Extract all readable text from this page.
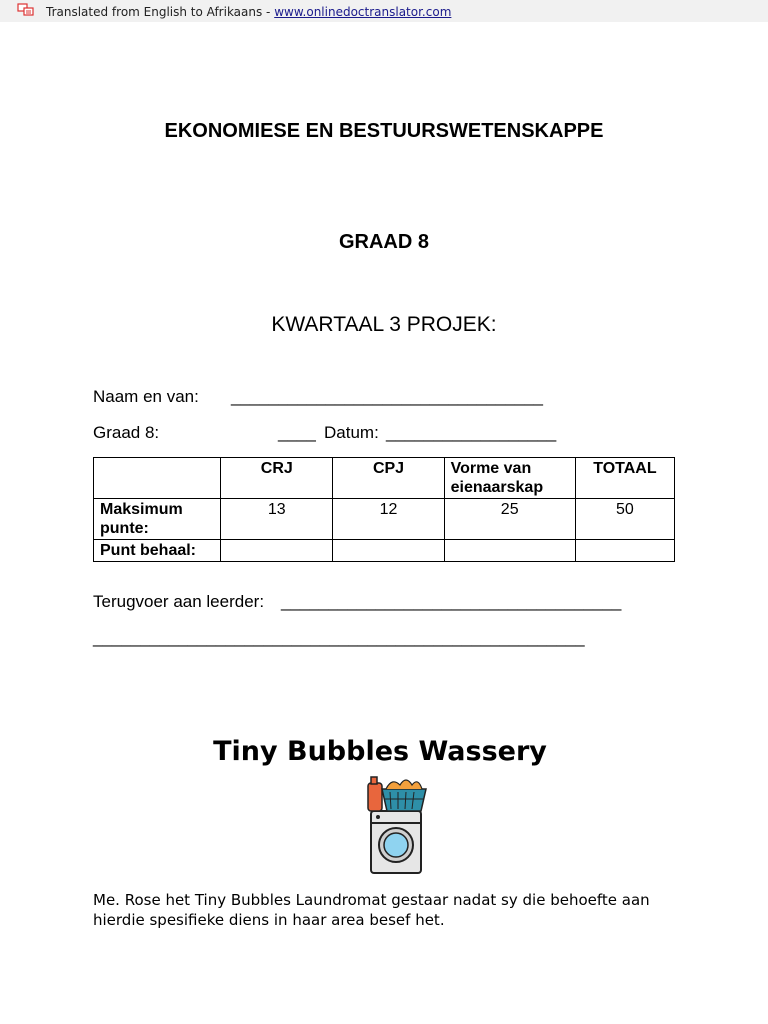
Translated from English to Afrikaans - www.onlinedoctranslator.com
EKONOMIESE EN BESTUURSWETENSKAPPE
GRAAD 8
KWARTAAL 3 PROJEK:
Naam en van: _________________________________
Graad 8:	____ Datum: __________________
	CRJ	CPJ	Vorme van eienaarskap	TOTAAL
Maksimum punte:	13	12	25	50
Punt behaal:				
Terugvoer aan leerder: ____________________________________
____________________________________________________
Tiny Bubbles Wassery
Me. Rose het Tiny Bubbles Laundromat gestaar nadat sy die behoefte aan hierdie spesifieke diens in haar area besef het.
